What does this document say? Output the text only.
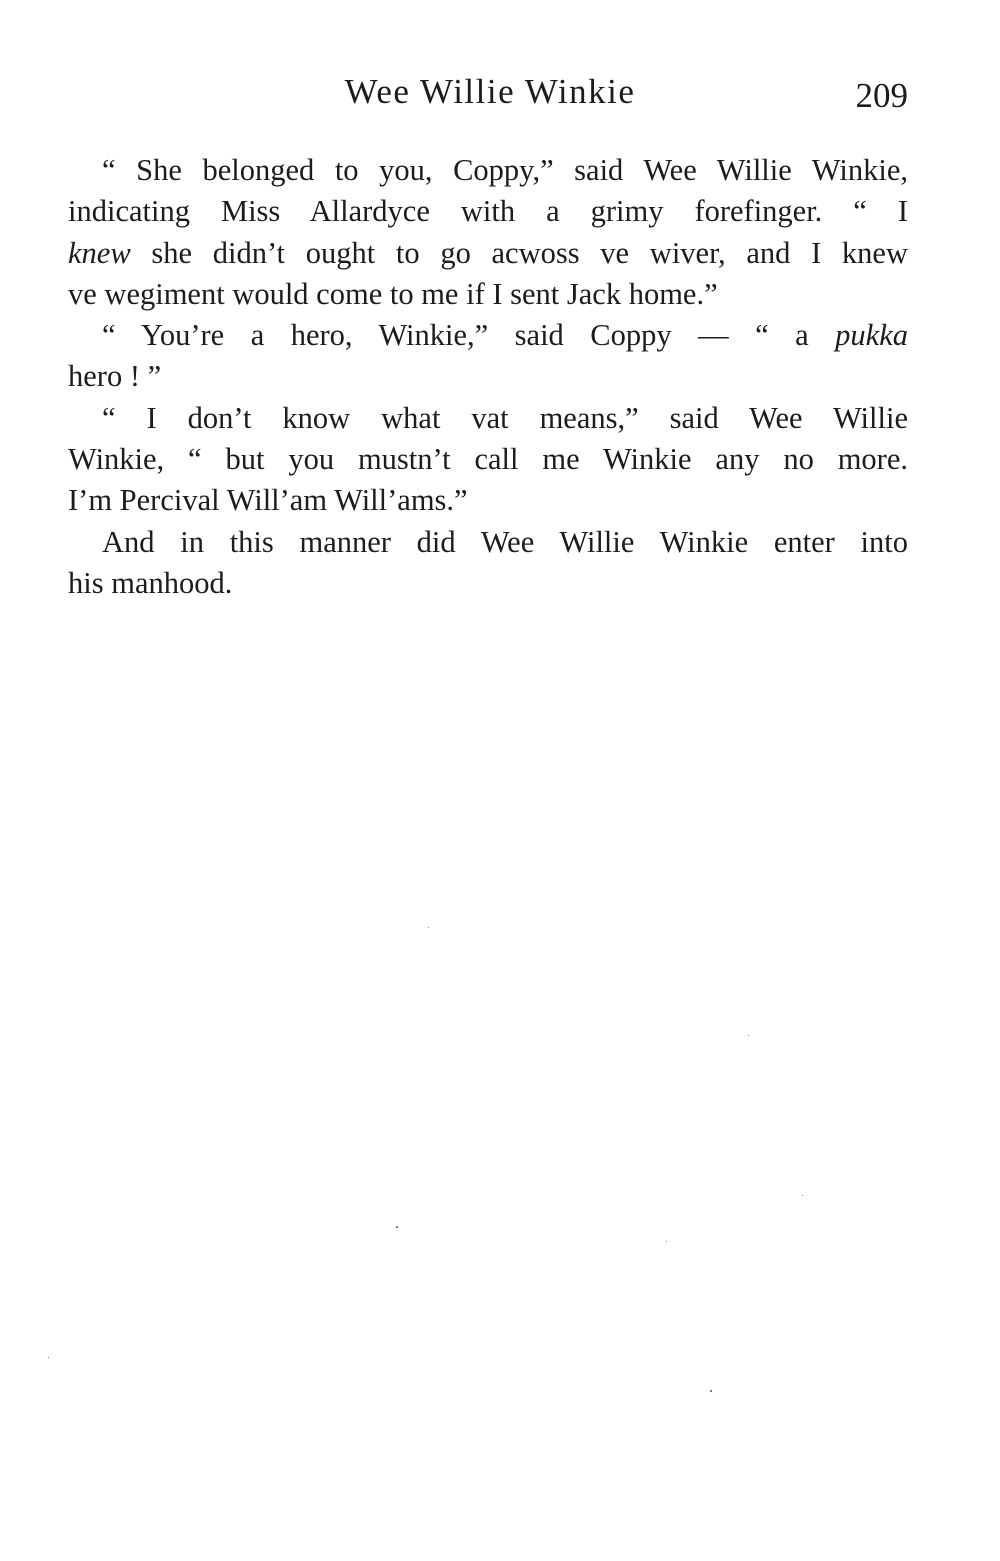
Wee Willie Winkie	209
“ She belonged to you, Coppy,” said Wee Willie Winkie,
indicating Miss Allardyce with a grimy forefinger. “ I
knew she didn’t ought to go acwoss ve wiver, and I knew
ve wegiment would come to me if I sent Jack home.”
“ You’re a hero, Winkie,” said Coppy — “ a pukka
hero ! ”
“ I don’t know what vat means,” said Wee Willie
Winkie, “ but you mustn’t call me Winkie any no more.
I’m Percival Will’am Will’ams.”
And in this manner did Wee Willie Winkie enter into
his manhood.
